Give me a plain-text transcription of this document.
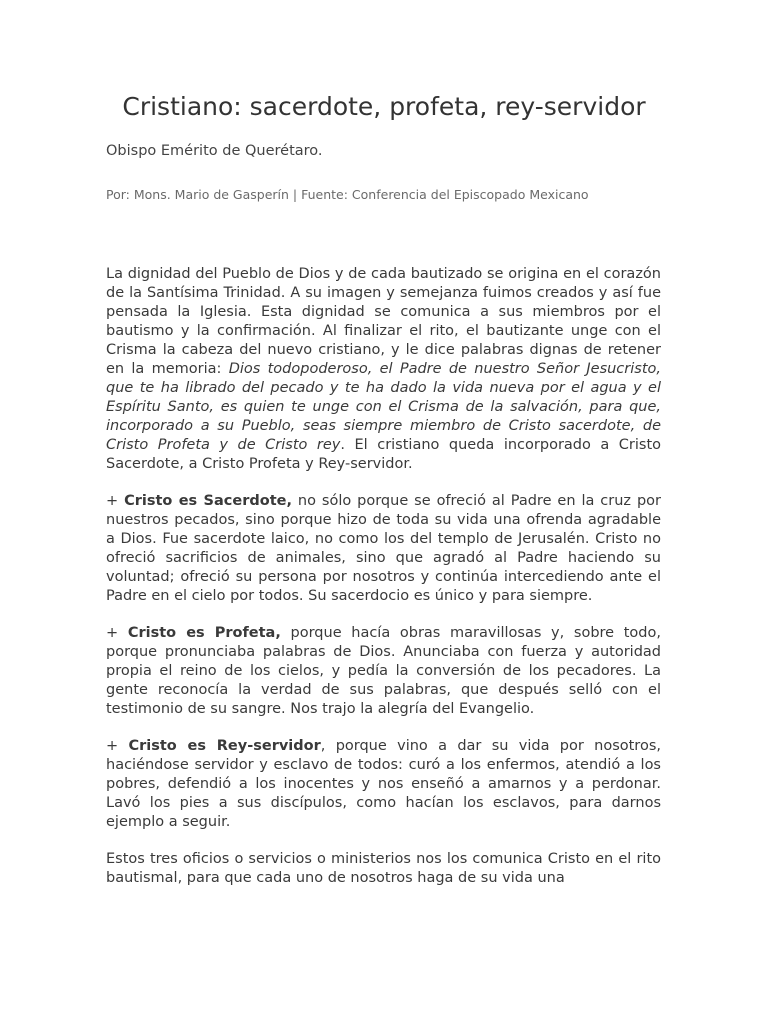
Cristiano: sacerdote, profeta, rey-servidor

Obispo Emérito de Querétaro.

Por: Mons. Mario de Gasperín | Fuente: Conferencia del Episcopado Mexicano

La dignidad del Pueblo de Dios y de cada bautizado se origina en el corazón de la Santísima Trinidad. A su imagen y semejanza fuimos creados y así fue pensada la Iglesia. Esta dignidad se comunica a sus miembros por el bautismo y la confirmación. Al finalizar el rito, el bautizante unge con el Crisma la cabeza del nuevo cristiano, y le dice palabras dignas de retener en la memoria: Dios todopoderoso, el Padre de nuestro Señor Jesucristo, que te ha librado del pecado y te ha dado la vida nueva por el agua y el Espíritu Santo, es quien te unge con el Crisma de la salvación, para que, incorporado a su Pueblo, seas siempre miembro de Cristo sacerdote, de Cristo Profeta y de Cristo rey. El cristiano queda incorporado a Cristo Sacerdote, a Cristo Profeta y Rey-servidor.

+ Cristo es Sacerdote, no sólo porque se ofreció al Padre en la cruz por nuestros pecados, sino porque hizo de toda su vida una ofrenda agradable a Dios. Fue sacerdote laico, no como los del templo de Jerusalén. Cristo no ofreció sacrificios de animales, sino que agradó al Padre haciendo su voluntad; ofreció su persona por nosotros y continúa intercediendo ante el Padre en el cielo por todos. Su sacerdocio es único y para siempre.

+ Cristo es Profeta, porque hacía obras maravillosas y, sobre todo, porque pronunciaba palabras de Dios. Anunciaba con fuerza y autoridad propia el reino de los cielos, y pedía la conversión de los pecadores. La gente reconocía la verdad de sus palabras, que después selló con el testimonio de su sangre. Nos trajo la alegría del Evangelio.

+ Cristo es Rey-servidor, porque vino a dar su vida por nosotros, haciéndose servidor y esclavo de todos: curó a los enfermos, atendió a los pobres, defendió a los inocentes y nos enseñó a amarnos y a perdonar. Lavó los pies a sus discípulos, como hacían los esclavos, para darnos ejemplo a seguir.

Estos tres oficios o servicios o ministerios nos los comunica Cristo en el rito bautismal, para que cada uno de nosotros haga de su vida una
